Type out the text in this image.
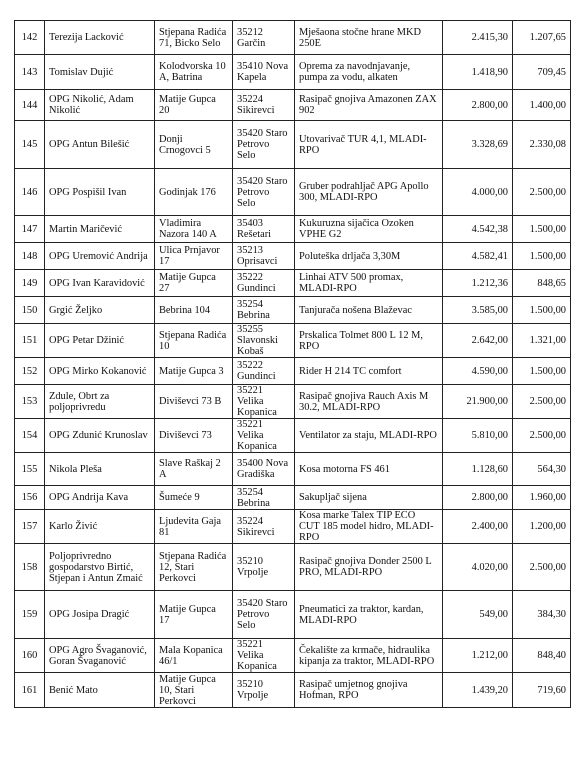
142	Terezija Lacković	Stjepana Radića 71, Bicko Selo	35212 Garčin	Mješaona stočne hrane MKD 250E	2.415,30	1.207,65
143	Tomislav Dujić	Kolodvorska 10 A, Batrina	35410 Nova Kapela	Oprema za navodnjavanje, pumpa za vodu, alkaten	1.418,90	709,45
144	OPG Nikolić, Adam Nikolić	Matije Gupca 20	35224 Sikirevci	Rasipač gnojiva Amazonen ZAX 902	2.800,00	1.400,00
145	OPG Antun Bilešić	Donji Crnogovci 5	35420 Staro Petrovo Selo	Utovarivač TUR 4,1, MLADI-RPO	3.328,69	2.330,08
146	OPG Pospišil Ivan	Godinjak 176	35420 Staro Petrovo Selo	Gruber podrahljač APG Apollo 300, MLADI-RPO	4.000,00	2.500,00
147	Martin Maričević	Vladimira Nazora 140 A	35403 Rešetari	Kukuruzna sijačica Ozoken VPHE G2	4.542,38	1.500,00
148	OPG Uremović Andrija	Ulica Prnjavor 17	35213 Oprisavci	Poluteška drljača 3,30M	4.582,41	1.500,00
149	OPG Ivan Karavidović	Matije Gupca 27	35222 Gundinci	Linhai ATV 500 promax, MLADI-RPO	1.212,36	848,65
150	Grgić Željko	Bebrina 104	35254 Bebrina	Tanjuračа nošena Blaževac	3.585,00	1.500,00
151	OPG Petar Džinić	Stjepana Radića 10	35255 Slavonski Kobaš	Prskalica Tolmet 800 L 12 M, RPO	2.642,00	1.321,00
152	OPG Mirko Kokanović	Matije Gupca 3	35222 Gundinci	Rider H 214 TC comfort	4.590,00	1.500,00
153	Zdule, Obrt za poljoprivredu	Diviševci 73 B	35221 Velika Kopanica	Rasipač gnojiva Rauch Axis M 30.2, MLADI-RPO	21.900,00	2.500,00
154	OPG Zdunić Krunoslav	Diviševci 73	35221 Velika Kopanica	Ventilator za staju, MLADI-RPO	5.810,00	2.500,00
155	Nikola Pleša	Slave Raškaj 2 A	35400 Nova Gradiška	Kosa motorna FS 461	1.128,60	564,30
156	OPG Andrija Kava	Šumeće 9	35254 Bebrina	Sakupljač sijena	2.800,00	1.960,00
157	Karlo Živić	Ljudevita Gaja 81	35224 Sikirevci	Kosa marke Talex TIP ECO CUT 185 model hidro, MLADI-RPO	2.400,00	1.200,00
158	Poljoprivredno gospodarstvo Birtić, Stjepan i Antun Zmaić	Stjepana Radića 12, Stari Perkovci	35210 Vrpolje	Rasipač gnojiva Donder 2500 L PRO, MLADI-RPO	4.020,00	2.500,00
159	OPG Josipa Dragić	Matije Gupca 17	35420 Staro Petrovo Selo	Pneumatici za traktor, kardan, MLADI-RPO	549,00	384,30
160	OPG Agro Švaganović, Goran Švaganović	Mala Kopanica 46/1	35221 Velika Kopanica	Čekalište za krmače, hidraulika kipanja za traktor, MLADI-RPO	1.212,00	848,40
161	Benić Mato	Matije Gupca 10, Stari Perkovci	35210 Vrpolje	Rasipač umjetnog gnojiva Hofman, RPO	1.439,20	719,60
